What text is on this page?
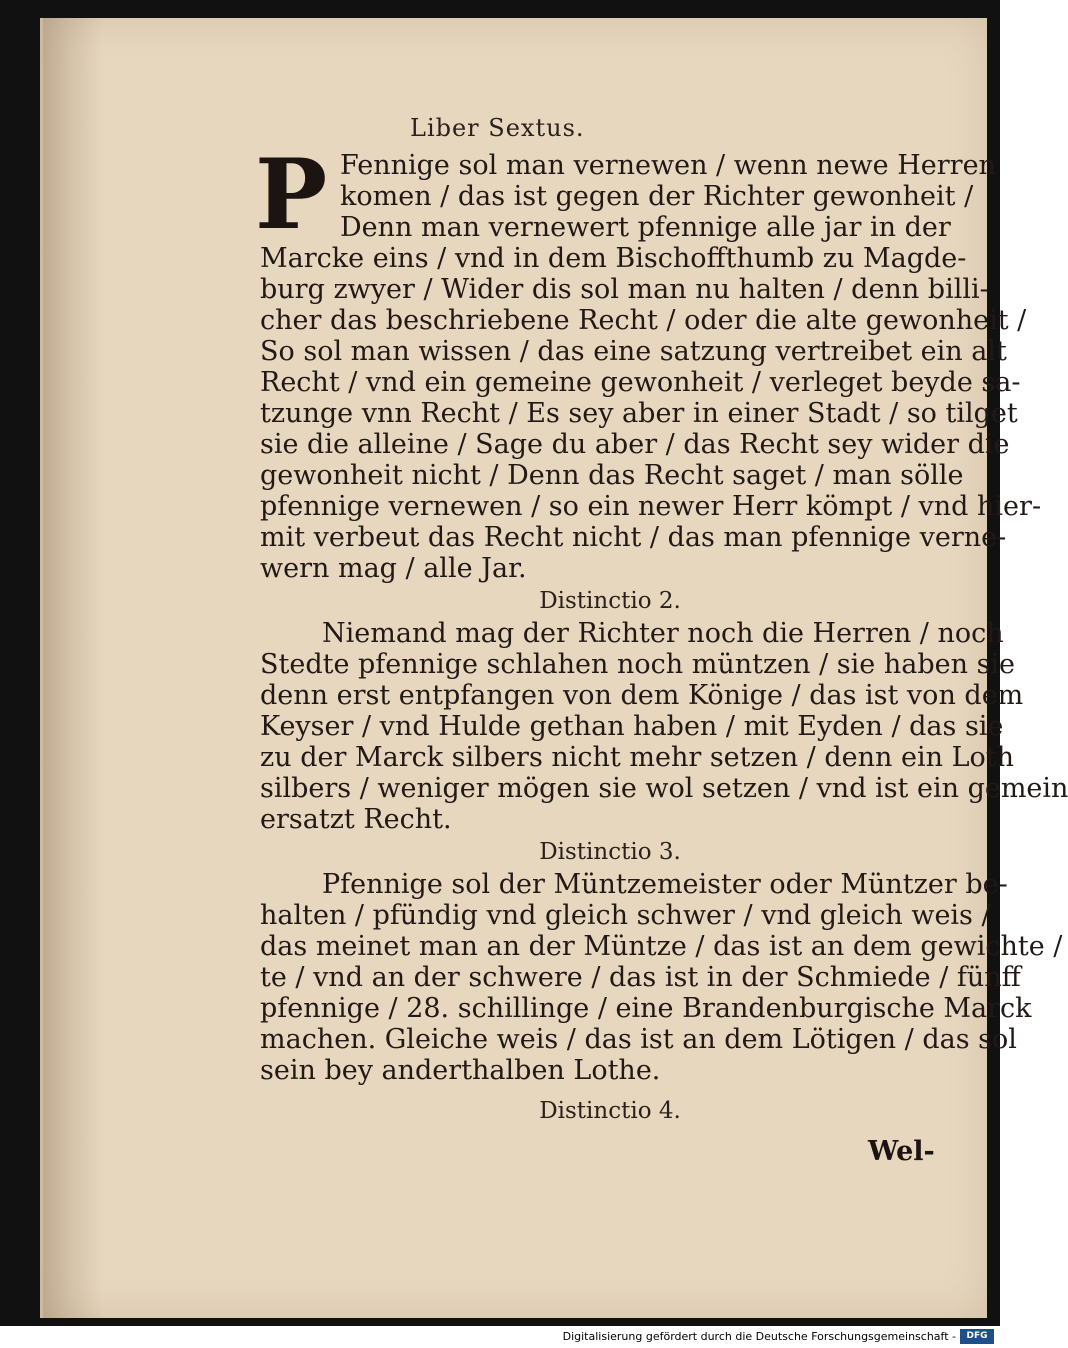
Liber Sextus.
P Fennige sol man vernewen / wenn newe Herren
komen / das ist gegen der Richter gewonheit /
Denn man vernewert pfennige alle jar in der
Marcke eins / vnd in dem Bischoffthumb zu Magde-
burg zwyer / Wider dis sol man nu halten / denn billi-
cher das beschriebene Recht / oder die alte gewonheit /
So sol man wissen / das eine satzung vertreibet ein alt
Recht / vnd ein gemeine gewonheit / verleget beyde sa-
tzunge vnn Recht / Es sey aber in einer Stadt / so tilget
sie die alleine / Sage du aber / das Recht sey wider die
gewonheit nicht / Denn das Recht saget / man sölle
pfennige vernewen / so ein newer Herr kömpt / vnd hier-
mit verbeut das Recht nicht / das man pfennige verne-
wern mag / alle Jar.
Distinctio 2.
Niemand mag der Richter noch die Herren / noch
Stedte pfennige schlahen noch müntzen / sie haben sie
denn erst entpfangen von dem Könige / das ist von dem
Keyser / vnd Hulde gethan haben / mit Eyden / das sie
zu der Marck silbers nicht mehr setzen / denn ein Loth
silbers / weniger mögen sie wol setzen / vnd ist ein gemein
ersatzt Recht.
Distinctio 3.
Pfennige sol der Müntzemeister oder Müntzer be-
halten / pfündig vnd gleich schwer / vnd gleich weis /
das meinet man an der Müntze / das ist an dem gewichte /
te / vnd an der schwere / das ist in der Schmiede / fünff
pfennige / 28. schillinge / eine Brandenburgische Marck
machen. Gleiche weis / das ist an dem Lötigen / das sol
sein bey anderthalben Lothe.
Distinctio 4.
Wel-
Digitalisierung gefördert durch die Deutsche Forschungsgemeinschaft -	DFG
